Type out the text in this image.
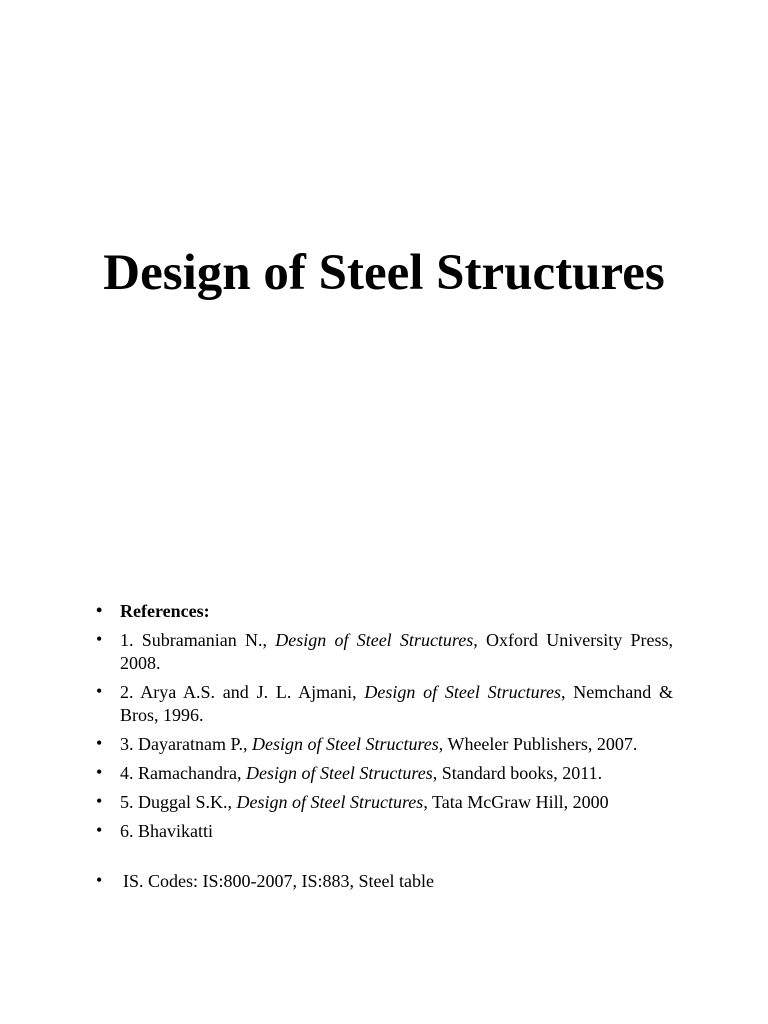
Design of Steel Structures
• References:
• 1. Subramanian N., Design of Steel Structures, Oxford University Press, 2008.
• 2. Arya A.S. and J. L. Ajmani, Design of Steel Structures, Nemchand & Bros, 1996.
• 3. Dayaratnam P., Design of Steel Structures, Wheeler Publishers, 2007.
• 4. Ramachandra, Design of Steel Structures, Standard books, 2011.
• 5. Duggal S.K., Design of Steel Structures, Tata McGraw Hill, 2000
• 6. Bhavikatti
• IS. Codes: IS:800-2007, IS:883, Steel table
